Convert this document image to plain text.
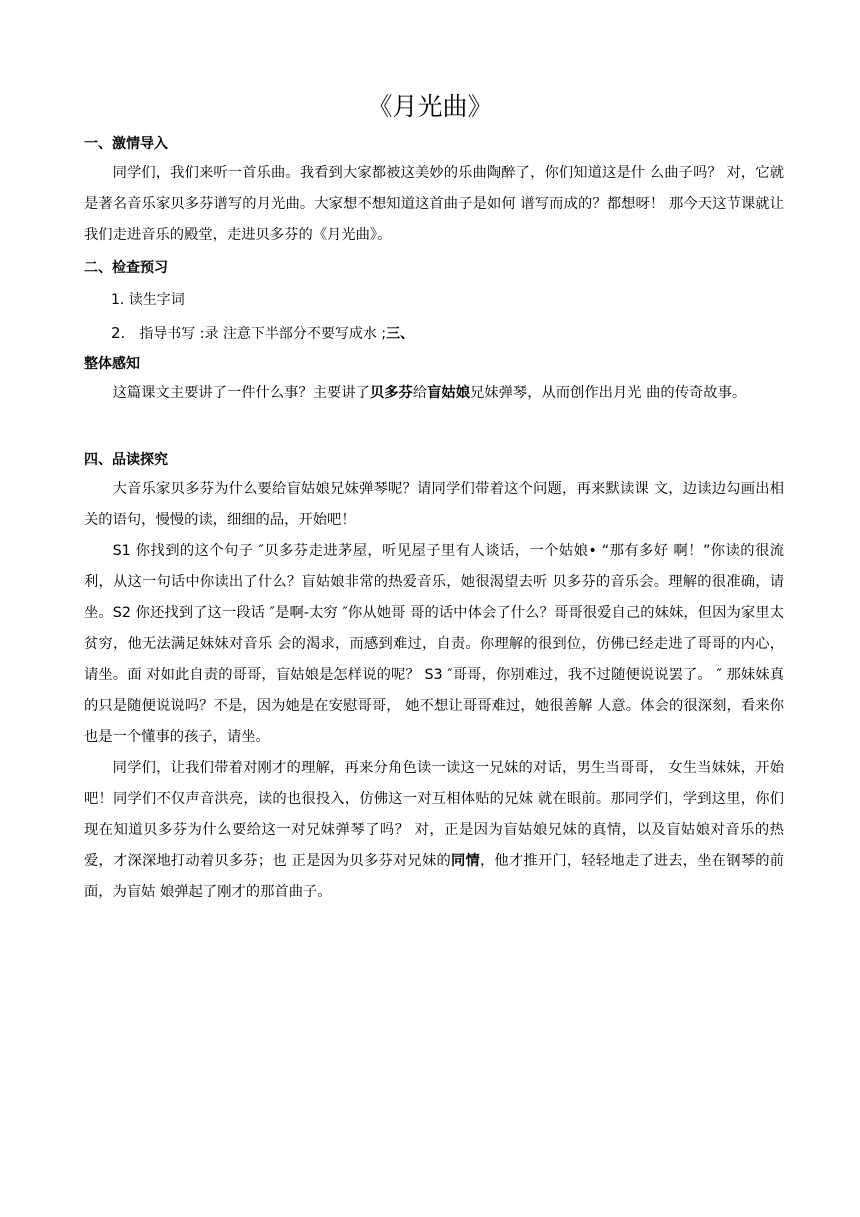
《月光曲》
一、激情导入

同学们，我们来听一首乐曲。我看到大家都被这美妙的乐曲陶醉了，你们知道这是什 么曲子吗？ 对，它就是著名音乐家贝多芬谱写的月光曲。大家想不想知道这首曲子是如何 谱写而成的？都想呀！ 那今天这节课就让我们走进音乐的殿堂，走进贝多芬的《月光曲》。

二、检查预习
1. 读生字词
2. 指导书写 :录 注意下半部分不要写成水 ;三、
整体感知

这篇课文主要讲了一件什么事？主要讲了贝多芬给盲姑娘兄妹弹琴，从而创作出月光 曲的传奇故事。

四、品读探究

大音乐家贝多芬为什么要给盲姑娘兄妹弹琴呢？请同学们带着这个问题，再来默读课 文，边读边勾画出相关的语句，慢慢的读，细细的品，开始吧！

S1 你找到的这个句子 ″贝多芬走进茅屋，听见屋子里有人谈话，一个姑娘• “那有多好 啊！”你读的很流利，从这一句话中你读出了什么？盲姑娘非常的热爱音乐，她很渴望去听 贝多芬的音乐会。理解的很准确，请坐。S2 你还找到了这一段话 ″是啊-太穷 ″你从她哥 哥的话中体会了什么？哥哥很爱自己的妹妹，但因为家里太贫穷，他无法满足妹妹对音乐 会的渴求，而感到难过，自责。你理解的很到位，仿佛已经走进了哥哥的内心，请坐。面 对如此自责的哥哥，盲姑娘是怎样说的呢？ S3 ″哥哥，你别难过，我不过随便说说罢了。 ″ 那妹妹真的只是随便说说吗？不是，因为她是在安慰哥哥， 她不想让哥哥难过，她很善解 人意。体会的很深刻，看来你也是一个懂事的孩子，请坐。

同学们，让我们带着对刚才的理解，再来分角色读一读这一兄妹的对话，男生当哥哥， 女生当妹妹，开始吧！同学们不仅声音洪亮，读的也很投入，仿佛这一对互相体贴的兄妹 就在眼前。那同学们，学到这里，你们现在知道贝多芬为什么要给这一对兄妹弹琴了吗？ 对，正是因为盲姑娘兄妹的真情，以及盲姑娘对音乐的热爱，才深深地打动着贝多芬；也 正是因为贝多芬对兄妹的同情，他才推开门，轻轻地走了进去，坐在钢琴的前面，为盲姑 娘弹起了刚才的那首曲子。
